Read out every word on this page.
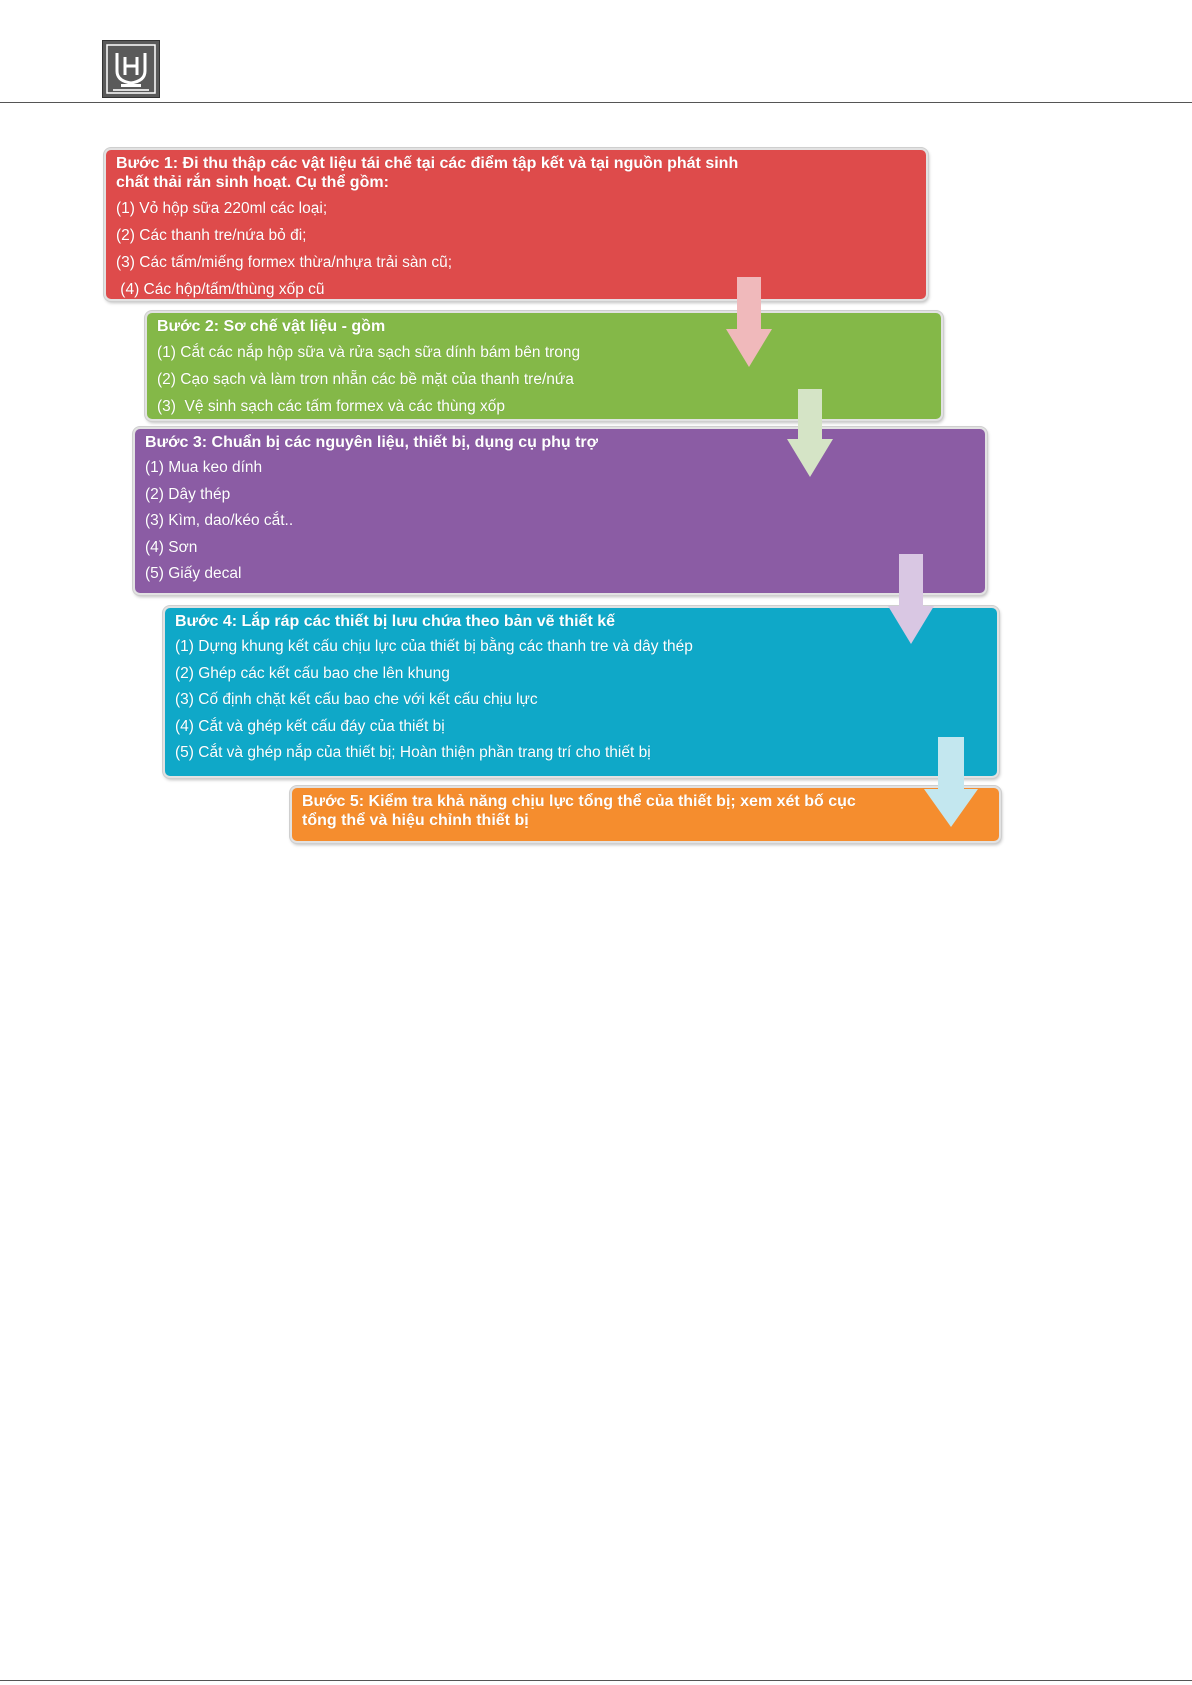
Bước 1: Đi thu thập các vật liệu tái chế tại các điểm tập kết và tại nguồn phát sinh chất thải rắn sinh hoạt. Cụ thể gồm:

(1) Vỏ hộp sữa 220ml các loại;

(2) Các thanh tre/nứa bỏ đi;

(3) Các tấm/miếng formex thừa/nhựa trải sàn cũ;

(4) Các hộp/tấm/thùng xốp cũ

Bước 2: Sơ chế vật liệu - gồm

(1) Cắt các nắp hộp sữa và rửa sạch sữa dính bám bên trong

(2) Cạo sạch và làm trơn nhẵn các bề mặt của thanh tre/nứa

(3)  Vệ sinh sạch các tấm formex và các thùng xốp

Bước 3: Chuẩn bị các nguyên liệu, thiết bị, dụng cụ phụ trợ

(1) Mua keo dính

(2) Dây thép

(3) Kìm, dao/kéo cắt..

(4) Sơn

(5) Giấy decal

Bước 4: Lắp ráp các thiết bị lưu chứa theo bản vẽ thiết kế

(1) Dựng khung kết cấu chịu lực của thiết bị bằng các thanh tre và dây thép

(2) Ghép các kết cấu bao che lên khung

(3) Cố định chặt kết cấu bao che với kết cấu chịu lực

(4) Cắt và ghép kết cấu đáy của thiết bị

(5) Cắt và ghép nắp của thiết bị; Hoàn thiện phần trang trí cho thiết bị

Bước 5: Kiểm tra khả năng chịu lực tổng thể của thiết bị; xem xét bố cục tổng thể và hiệu chỉnh thiết bị
